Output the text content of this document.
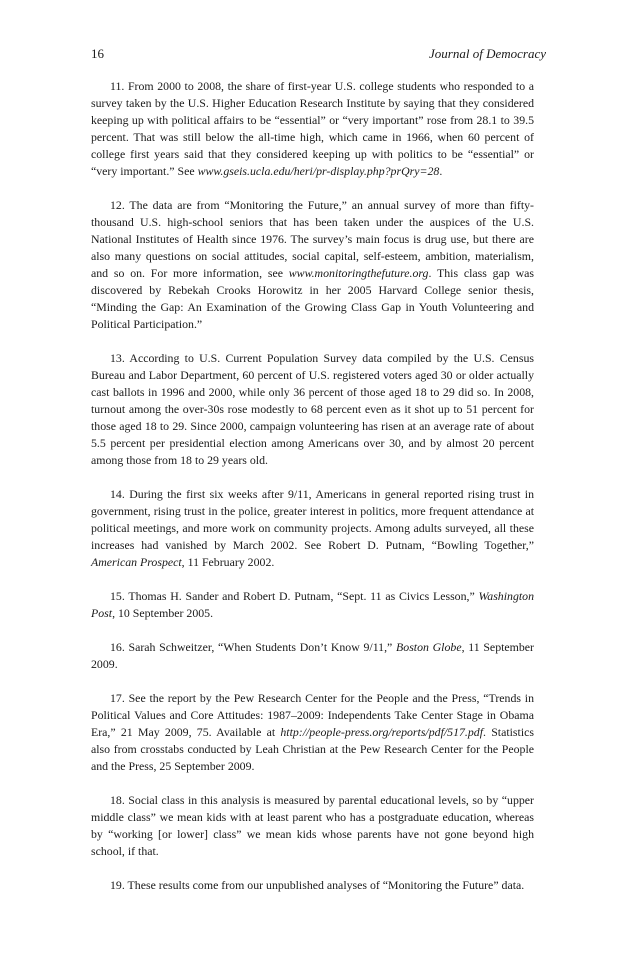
16	Journal of Democracy

11. From 2000 to 2008, the share of first-year U.S. college students who responded to a survey taken by the U.S. Higher Education Research Institute by saying that they considered keeping up with political affairs to be “essential” or “very important” rose from 28.1 to 39.5 percent. That was still below the all-time high, which came in 1966, when 60 percent of college first years said that they considered keeping up with politics to be “essential” or “very important.” See www.gseis.ucla.edu/heri/pr-display.php?prQry=28.

12. The data are from “Monitoring the Future,” an annual survey of more than fifty-thousand U.S. high-school seniors that has been taken under the auspices of the U.S. National Institutes of Health since 1976. The survey’s main focus is drug use, but there are also many questions on social attitudes, social capital, self-esteem, ambition, materialism, and so on. For more information, see www.monitoringthefuture.org. This class gap was discovered by Rebekah Crooks Horowitz in her 2005 Harvard College senior thesis, “Minding the Gap: An Examination of the Growing Class Gap in Youth Volunteering and Political Participation.”

13. According to U.S. Current Population Survey data compiled by the U.S. Census Bureau and Labor Department, 60 percent of U.S. registered voters aged 30 or older actually cast ballots in 1996 and 2000, while only 36 percent of those aged 18 to 29 did so. In 2008, turnout among the over-30s rose modestly to 68 percent even as it shot up to 51 percent for those aged 18 to 29. Since 2000, campaign volunteering has risen at an average rate of about 5.5 percent per presidential election among Americans over 30, and by almost 20 percent among those from 18 to 29 years old.

14. During the first six weeks after 9/11, Americans in general reported rising trust in government, rising trust in the police, greater interest in politics, more frequent attendance at political meetings, and more work on community projects. Among adults surveyed, all these increases had vanished by March 2002. See Robert D. Putnam, “Bowling Together,” American Prospect, 11 February 2002.

15. Thomas H. Sander and Robert D. Putnam, “Sept. 11 as Civics Lesson,” Washington Post, 10 September 2005.

16. Sarah Schweitzer, “When Students Don’t Know 9/11,” Boston Globe, 11 September 2009.

17. See the report by the Pew Research Center for the People and the Press, “Trends in Political Values and Core Attitudes: 1987–2009: Independents Take Center Stage in Obama Era,” 21 May 2009, 75. Available at http://people-press.org/reports/pdf/517.pdf. Statistics also from crosstabs conducted by Leah Christian at the Pew Research Center for the People and the Press, 25 September 2009.

18. Social class in this analysis is measured by parental educational levels, so by “upper middle class” we mean kids with at least parent who has a postgraduate education, whereas by “working [or lower] class” we mean kids whose parents have not gone beyond high school, if that.

19. These results come from our unpublished analyses of “Monitoring the Future” data.
